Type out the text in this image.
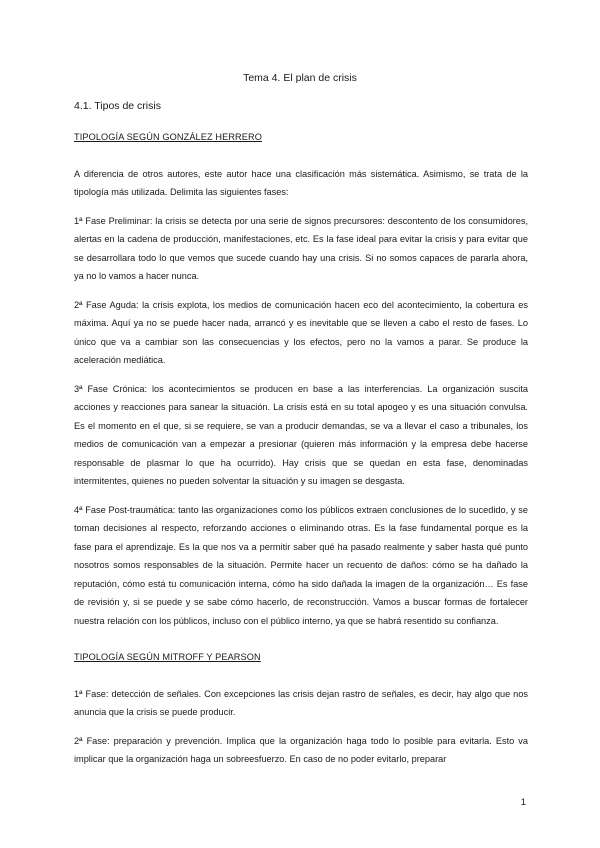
Tema 4. El plan de crisis
4.1. Tipos de crisis

TIPOLOGÍA SEGÚN GONZÁLEZ HERRERO

A diferencia de otros autores, este autor hace una clasificación más sistemática. Asimismo, se trata de la tipología más utilizada. Delimita las siguientes fases:

1ª Fase Preliminar: la crisis se detecta por una serie de signos precursores: descontento de los consumidores, alertas en la cadena de producción, manifestaciones, etc. Es la fase ideal para evitar la crisis y para evitar que se desarrollara todo lo que vemos que sucede cuando hay una crisis. Si no somos capaces de pararla ahora, ya no lo vamos a hacer nunca.

2ª Fase Aguda: la crisis explota, los medios de comunicación hacen eco del acontecimiento, la cobertura es máxima. Aquí ya no se puede hacer nada, arrancó y es inevitable que se lleven a cabo el resto de fases. Lo único que va a cambiar son las consecuencias y los efectos, pero no la vamos a parar. Se produce la aceleración mediática.

3ª Fase Crónica: los acontecimientos se producen en base a las interferencias. La organización suscita acciones y reacciones para sanear la situación. La crisis está en su total apogeo y es una situación convulsa. Es el momento en el que, si se requiere, se van a producir demandas, se va a llevar el caso a tribunales, los medios de comunicación van a empezar a presionar (quieren más información y la empresa debe hacerse responsable de plasmar lo que ha ocurrido). Hay crisis que se quedan en esta fase, denominadas intermitentes, quienes no pueden solventar la situación y su imagen se desgasta.

4ª Fase Post-traumática: tanto las organizaciones como los públicos extraen conclusiones de lo sucedido, y se toman decisiones al respecto, reforzando acciones o eliminando otras. Es la fase fundamental porque es la fase para el aprendizaje. Es la que nos va a permitir saber qué ha pasado realmente y saber hasta qué punto nosotros somos responsables de la situación. Permite hacer un recuento de daños: cómo se ha dañado la reputación, cómo está tu comunicación interna, cómo ha sido dañada la imagen de la organización… Es fase de revisión y, si se puede y se sabe cómo hacerlo, de reconstrucción. Vamos a buscar formas de fortalecer nuestra relación con los públicos, incluso con el público interno, ya que se habrá resentido su confianza.

TIPOLOGÍA SEGÚN MITROFF Y PEARSON

1ª Fase: detección de señales. Con excepciones las crisis dejan rastro de señales, es decir, hay algo que nos anuncia que la crisis se puede producir.

2ª Fase: preparación y prevención. Implica que la organización haga todo lo posible para evitarla. Esto va implicar que la organización haga un sobreesfuerzo. En caso de no poder evitarlo, preparar

1
